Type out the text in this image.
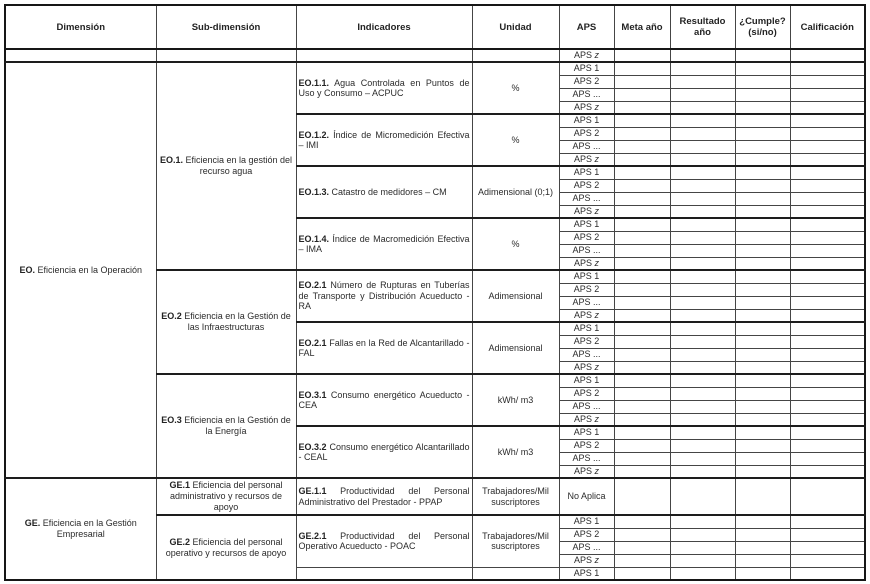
Dimensión	Sub-dimensión	Indicadores	Unidad	APS	Meta año	Resultado año	¿Cumple? (si/no)	Calificación
				APS z				
EO. Eficiencia en la Operación	EO.1. Eficiencia en la gestión del recurso agua	EO.1.1. Agua Controlada en Puntos de Uso y Consumo – ACPUC	%	APS 1				
				APS 2				
				APS ...				
				APS z				
		EO.1.2. Índice de Micromedición Efectiva – IMI	%	APS 1				
				APS 2				
				APS ...				
				APS z				
		EO.1.3. Catastro de medidores – CM	Adimensional (0;1)	APS 1				
				APS 2				
				APS ...				
				APS z				
		EO.1.4. Índice de Macromedición Efectiva – IMA	%	APS 1				
				APS 2				
				APS ...				
				APS z				
	EO.2 Eficiencia en la Gestión de las Infraestructuras	EO.2.1 Número de Rupturas en Tuberías de Transporte y Distribución Acueducto - RA	Adimensional	APS 1				
				APS 2				
				APS ...				
				APS z				
		EO.2.1 Fallas en la Red de Alcantarillado - FAL	Adimensional	APS 1				
				APS 2				
				APS ...				
				APS z				
	EO.3 Eficiencia en la Gestión de la Energía	EO.3.1 Consumo energético Acueducto - CEA	kWh/ m3	APS 1				
				APS 2				
				APS ...				
				APS z				
		EO.3.2 Consumo energético Alcantarillado - CEAL	kWh/ m3	APS 1				
				APS 2				
				APS ...				
				APS z				
GE. Eficiencia en la Gestión Empresarial	GE.1 Eficiencia del personal administrativo y recursos de apoyo	GE.1.1 Productividad del Personal Administrativo del Prestador - PPAP	Trabajadores/Mil suscriptores	No Aplica				
	GE.2 Eficiencia del personal operativo y recursos de apoyo	GE.2.1 Productividad del Personal Operativo Acueducto - POAC	Trabajadores/Mil suscriptores	APS 1				
				APS 2				
				APS ...				
				APS z				
				APS 1				
